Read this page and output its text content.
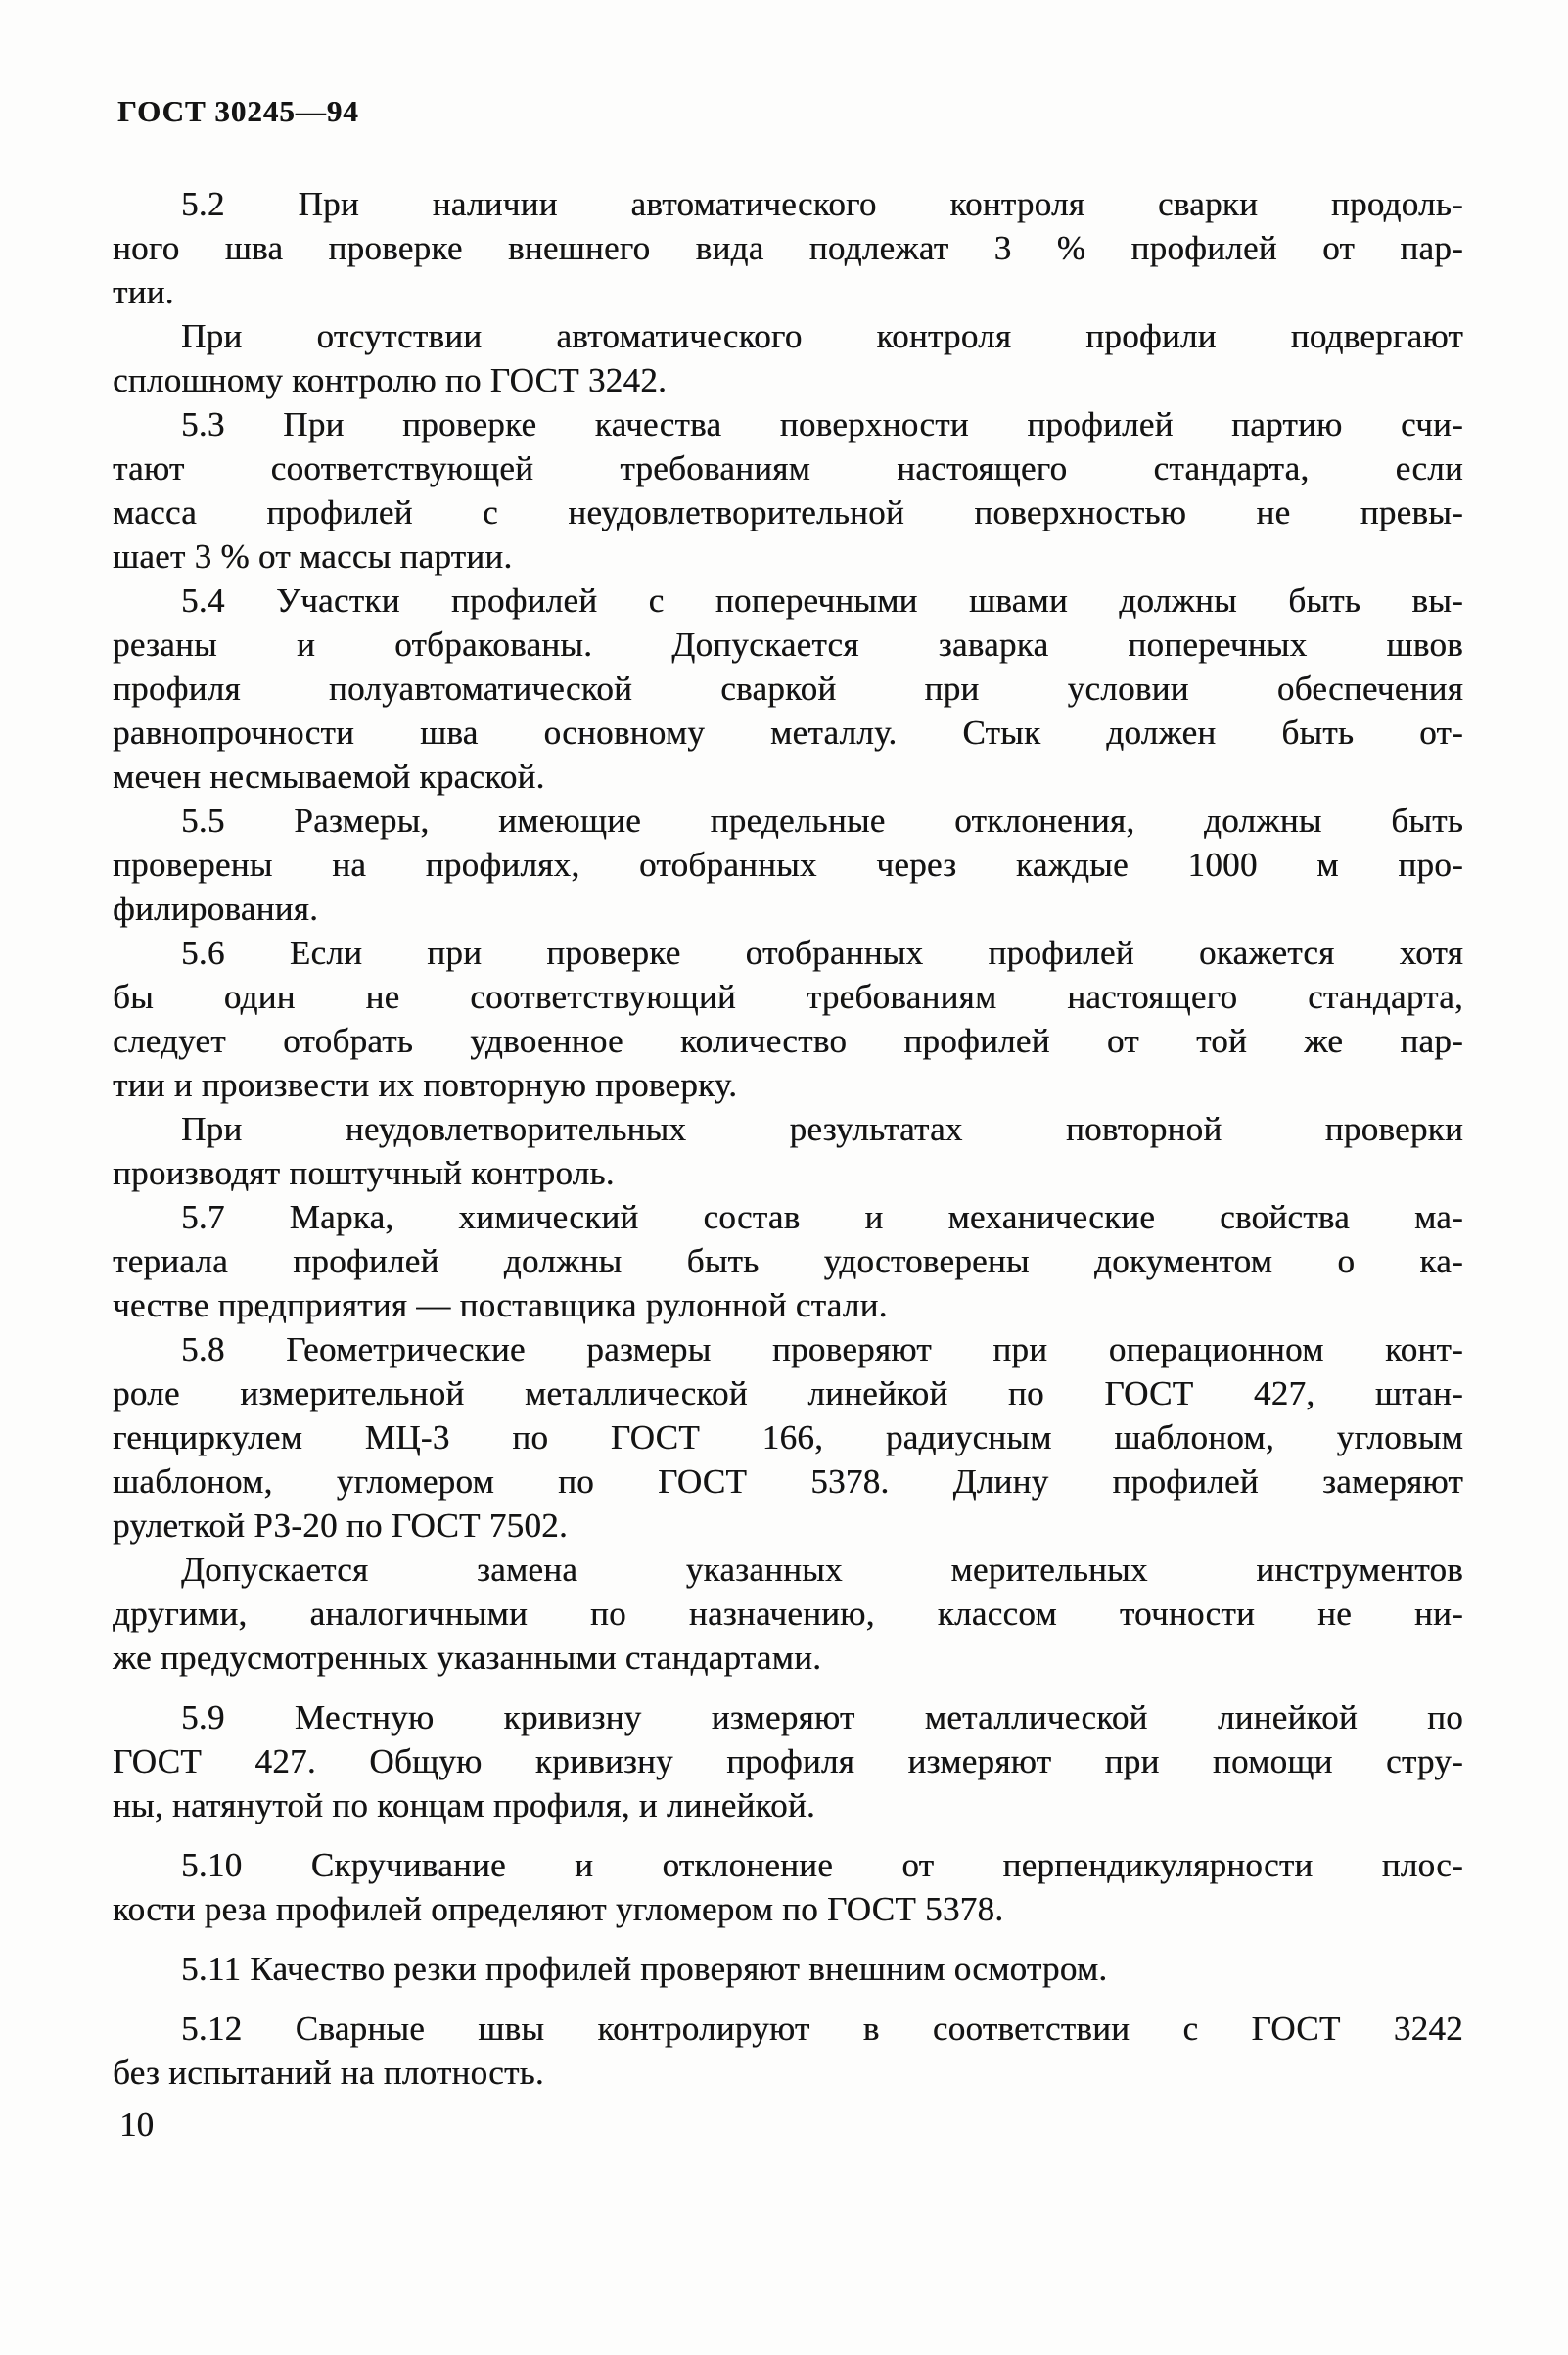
ГОСТ 30245—94
5.2 При наличии автоматического контроля сварки продоль-
ного шва проверке внешнего вида подлежат 3 % профилей от пар-
тии.
При отсутствии автоматического контроля профили подвергают
сплошному контролю по ГОСТ 3242.
5.3 При проверке качества поверхности профилей партию счи-
тают соответствующей требованиям настоящего стандарта, если
масса профилей с неудовлетворительной поверхностью не превы-
шает 3 % от массы партии.
5.4 Участки профилей с поперечными швами должны быть вы-
резаны и отбракованы. Допускается заварка поперечных швов
профиля полуавтоматической сваркой при условии обеспечения
равнопрочности шва основному металлу. Стык должен быть от-
мечен несмываемой краской.
5.5 Размеры, имеющие предельные отклонения, должны быть
проверены на профилях, отобранных через каждые 1000 м про-
филирования.
5.6 Если при проверке отобранных профилей окажется хотя
бы один не соответствующий требованиям настоящего стандарта,
следует отобрать удвоенное количество профилей от той же пар-
тии и произвести их повторную проверку.
При неудовлетворительных результатах повторной проверки
производят поштучный контроль.
5.7 Марка, химический состав и механические свойства ма-
териала профилей должны быть удостоверены документом о ка-
честве предприятия — поставщика рулонной стали.
5.8 Геометрические размеры проверяют при операционном конт-
роле измерительной металлической линейкой по ГОСТ 427, штан-
генциркулем МЦ-3 по ГОСТ 166, радиусным шаблоном, угловым
шаблоном, угломером по ГОСТ 5378. Длину профилей замеряют
рулеткой РЗ-20 по ГОСТ 7502.
Допускается замена указанных мерительных инструментов
другими, аналогичными по назначению, классом точности не ни-
же предусмотренных указанными стандартами.
5.9 Местную кривизну измеряют металлической линейкой по
ГОСТ 427. Общую кривизну профиля измеряют при помощи стру-
ны, натянутой по концам профиля, и линейкой.
5.10 Скручивание и отклонение от перпендикулярности плос-
кости реза профилей определяют угломером по ГОСТ 5378.
5.11 Качество резки профилей проверяют внешним осмотром.
5.12 Сварные швы контролируют в соответствии с ГОСТ 3242
без испытаний на плотность.
10
